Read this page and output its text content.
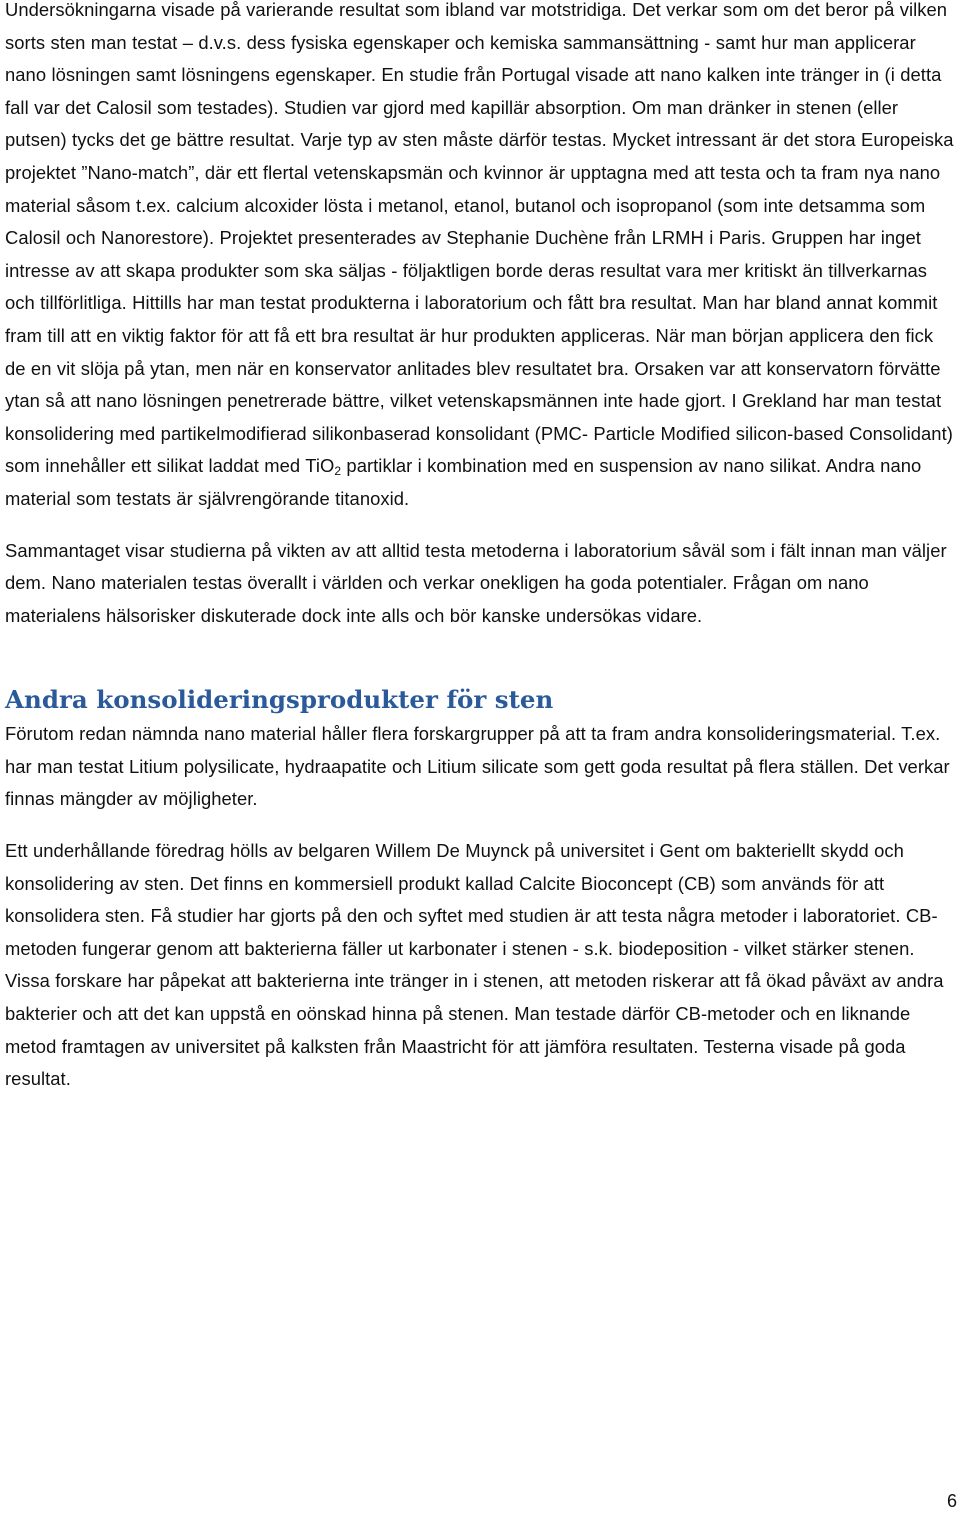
Undersökningarna visade på varierande resultat som ibland var motstridiga. Det verkar som om det beror på vilken sorts sten man testat – d.v.s. dess fysiska egenskaper och kemiska sammansättning - samt hur man applicerar nano lösningen samt lösningens egenskaper. En studie från Portugal visade att nano kalken inte tränger in (i detta fall var det Calosil som testades). Studien var gjord med kapillär absorption. Om man dränker in stenen (eller putsen) tycks det ge bättre resultat. Varje typ av sten måste därför testas. Mycket intressant är det stora Europeiska projektet ”Nano-match”, där ett flertal vetenskapsmän och kvinnor är upptagna med att testa och ta fram nya nano material såsom t.ex. calcium alcoxider lösta i metanol, etanol, butanol och isopropanol (som inte detsamma som Calosil och Nanorestore). Projektet presenterades av Stephanie Duchène från LRMH i Paris. Gruppen har inget intresse av att skapa produkter som ska säljas - följaktligen borde deras resultat vara mer kritiskt än tillverkarnas och tillförlitliga. Hittills har man testat produkterna i laboratorium och fått bra resultat. Man har bland annat kommit fram till att en viktig faktor för att få ett bra resultat är hur produkten appliceras. När man början applicera den fick de en vit slöja på ytan, men när en konservator anlitades blev resultatet bra. Orsaken var att konservatorn förvätte ytan så att nano lösningen penetrerade bättre, vilket vetenskapsmännen inte hade gjort. I Grekland har man testat konsolidering med partikelmodifierad silikonbaserad konsolidant (PMC- Particle Modified silicon-based Consolidant) som innehåller ett silikat laddat med TiO$_2$ partiklar i kombination med en suspension av nano silikat. Andra nano material som testats är självrengörande titanoxid.

Sammantaget visar studierna på vikten av att alltid testa metoderna i laboratorium såväl som i fält innan man väljer dem. Nano materialen testas överallt i världen och verkar onekligen ha goda potentialer. Frågan om nano materialens hälsorisker diskuterade dock inte alls och bör kanske undersökas vidare.

Andra konsolideringsprodukter för sten

Förutom redan nämnda nano material håller flera forskargrupper på att ta fram andra konsolideringsmaterial. T.ex. har man testat Litium polysilicate, hydraapatite och Litium silicate som gett goda resultat på flera ställen. Det verkar finnas mängder av möjligheter.

Ett underhållande föredrag hölls av belgaren Willem De Muynck på universitet i Gent om bakteriellt skydd och konsolidering av sten. Det finns en kommersiell produkt kallad Calcite Bioconcept (CB) som används för att konsolidera sten. Få studier har gjorts på den och syftet med studien är att testa några metoder i laboratoriet. CB-metoden fungerar genom att bakterierna fäller ut karbonater i stenen - s.k. biodeposition - vilket stärker stenen. Vissa forskare har påpekat att bakterierna inte tränger in i stenen, att metoden riskerar att få ökad påväxt av andra bakterier och att det kan uppstå en oönskad hinna på stenen. Man testade därför CB-metoder och en liknande metod framtagen av universitet på kalksten från Maastricht för att jämföra resultaten. Testerna visade på goda resultat.

6
